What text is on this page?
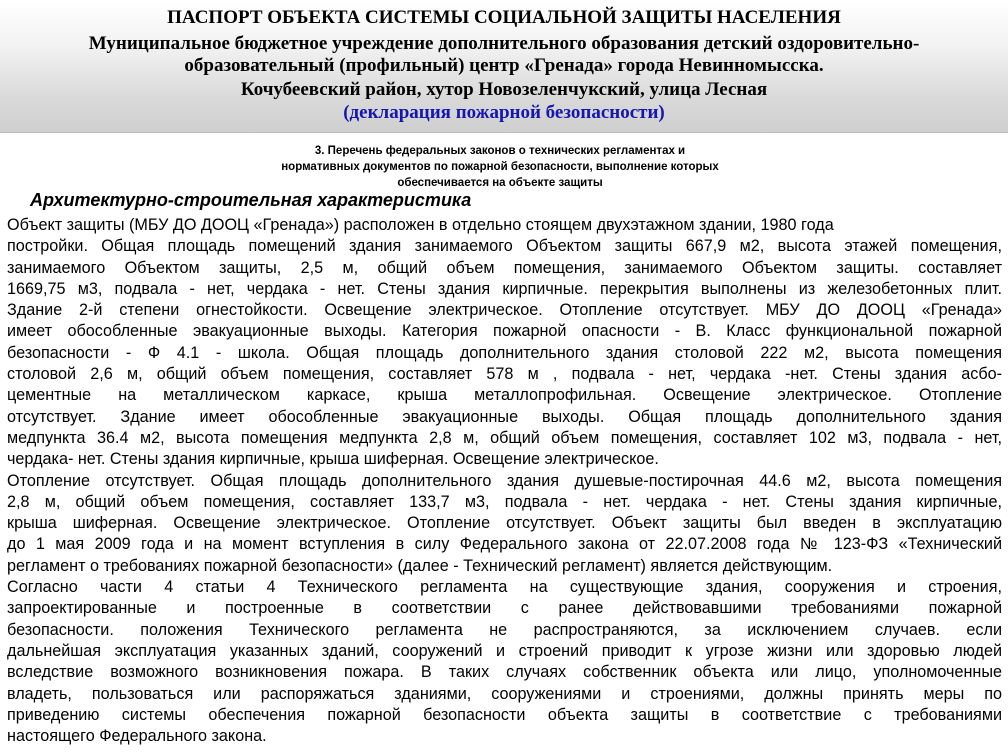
ПАСПОРТ ОБЪЕКТА СИСТЕМЫ СОЦИАЛЬНОЙ ЗАЩИТЫ НАСЕЛЕНИЯ
Муниципальное бюджетное учреждение дополнительного образования детский оздоровительно-
образовательный (профильный) центр «Гренада» города Невинномысска.
Кочубеевский район, хутор Новозеленчукский, улица Лесная
(декларация пожарной безопасности)
3. Перечень федеральных законов о технических регламентах и
нормативных документов по пожарной безопасности, выполнение которых
обеспечивается на объекте защиты
Архитектурно-строительная характеристика
Объект защиты (МБУ ДО ДООЦ «Гренада») расположен в отдельно стоящем двухэтажном здании, 1980 года
постройки. Общая площадь помещений здания занимаемого Объектом защиты 667,9 м2, высота этажей помещения,
занимаемого Объектом защиты, 2,5 м, общий объем помещения, занимаемого Объектом защиты. составляет
1669,75 м3, подвала - нет, чердака - нет. Стены здания кирпичные. перекрытия выполнены из железобетонных плит.
Здание 2-й степени огнестойкости. Освещение электрическое. Отопление отсутствует. МБУ ДО ДООЦ «Гренада»
имеет обособленные эвакуационные выходы. Категория пожарной опасности - В. Класс функциональной пожарной
безопасности - Ф 4.1 - школа. Общая площадь дополнительного здания столовой 222 м2, высота помещения
столовой 2,6 м, общий объем помещения, составляет 578 м , подвала - нет, чердака -нет. Стены здания асбо-
цементные на металлическом каркасе, крыша металлопрофильная. Освещение электрическое. Отопление
отсутствует. Здание имеет обособленные эвакуационные выходы. Общая площадь дополнительного здания
медпункта 36.4 м2, высота помещения медпункта 2,8 м, общий объем помещения, составляет 102 м3, подвала - нет,
чердака- нет. Стены здания кирпичные, крыша шиферная. Освещение электрическое.
Отопление отсутствует. Общая площадь дополнительного здания душевые-постирочная 44.6 м2, высота помещения
2,8 м, общий объем помещения, составляет 133,7 м3, подвала - нет. чердака - нет. Стены здания кирпичные,
крыша шиферная. Освещение электрическое. Отопление отсутствует. Объект защиты был введен в эксплуатацию
до 1 мая 2009 года и на момент вступления в силу Федерального закона от 22.07.2008 года № 123-ФЗ «Технический
регламент о требованиях пожарной безопасности» (далее - Технический регламент) является действующим.
Согласно части 4 статьи 4 Технического регламента на существующие здания, сооружения и строения,
запроектированные и построенные в соответствии с ранее действовавшими требованиями пожарной
безопасности. положения Технического регламента не распространяются, за исключением случаев. если
дальнейшая эксплуатация указанных зданий, сооружений и строений приводит к угрозе жизни или здоровью людей
вследствие возможного возникновения пожара. В таких случаях собственник объекта или лицо, уполномоченные
владеть, пользоваться или распоряжаться зданиями, сооружениями и строениями, должны принять меры по
приведению системы обеспечения пожарной безопасности объекта защиты в соответствие с требованиями
настоящего Федерального закона.
